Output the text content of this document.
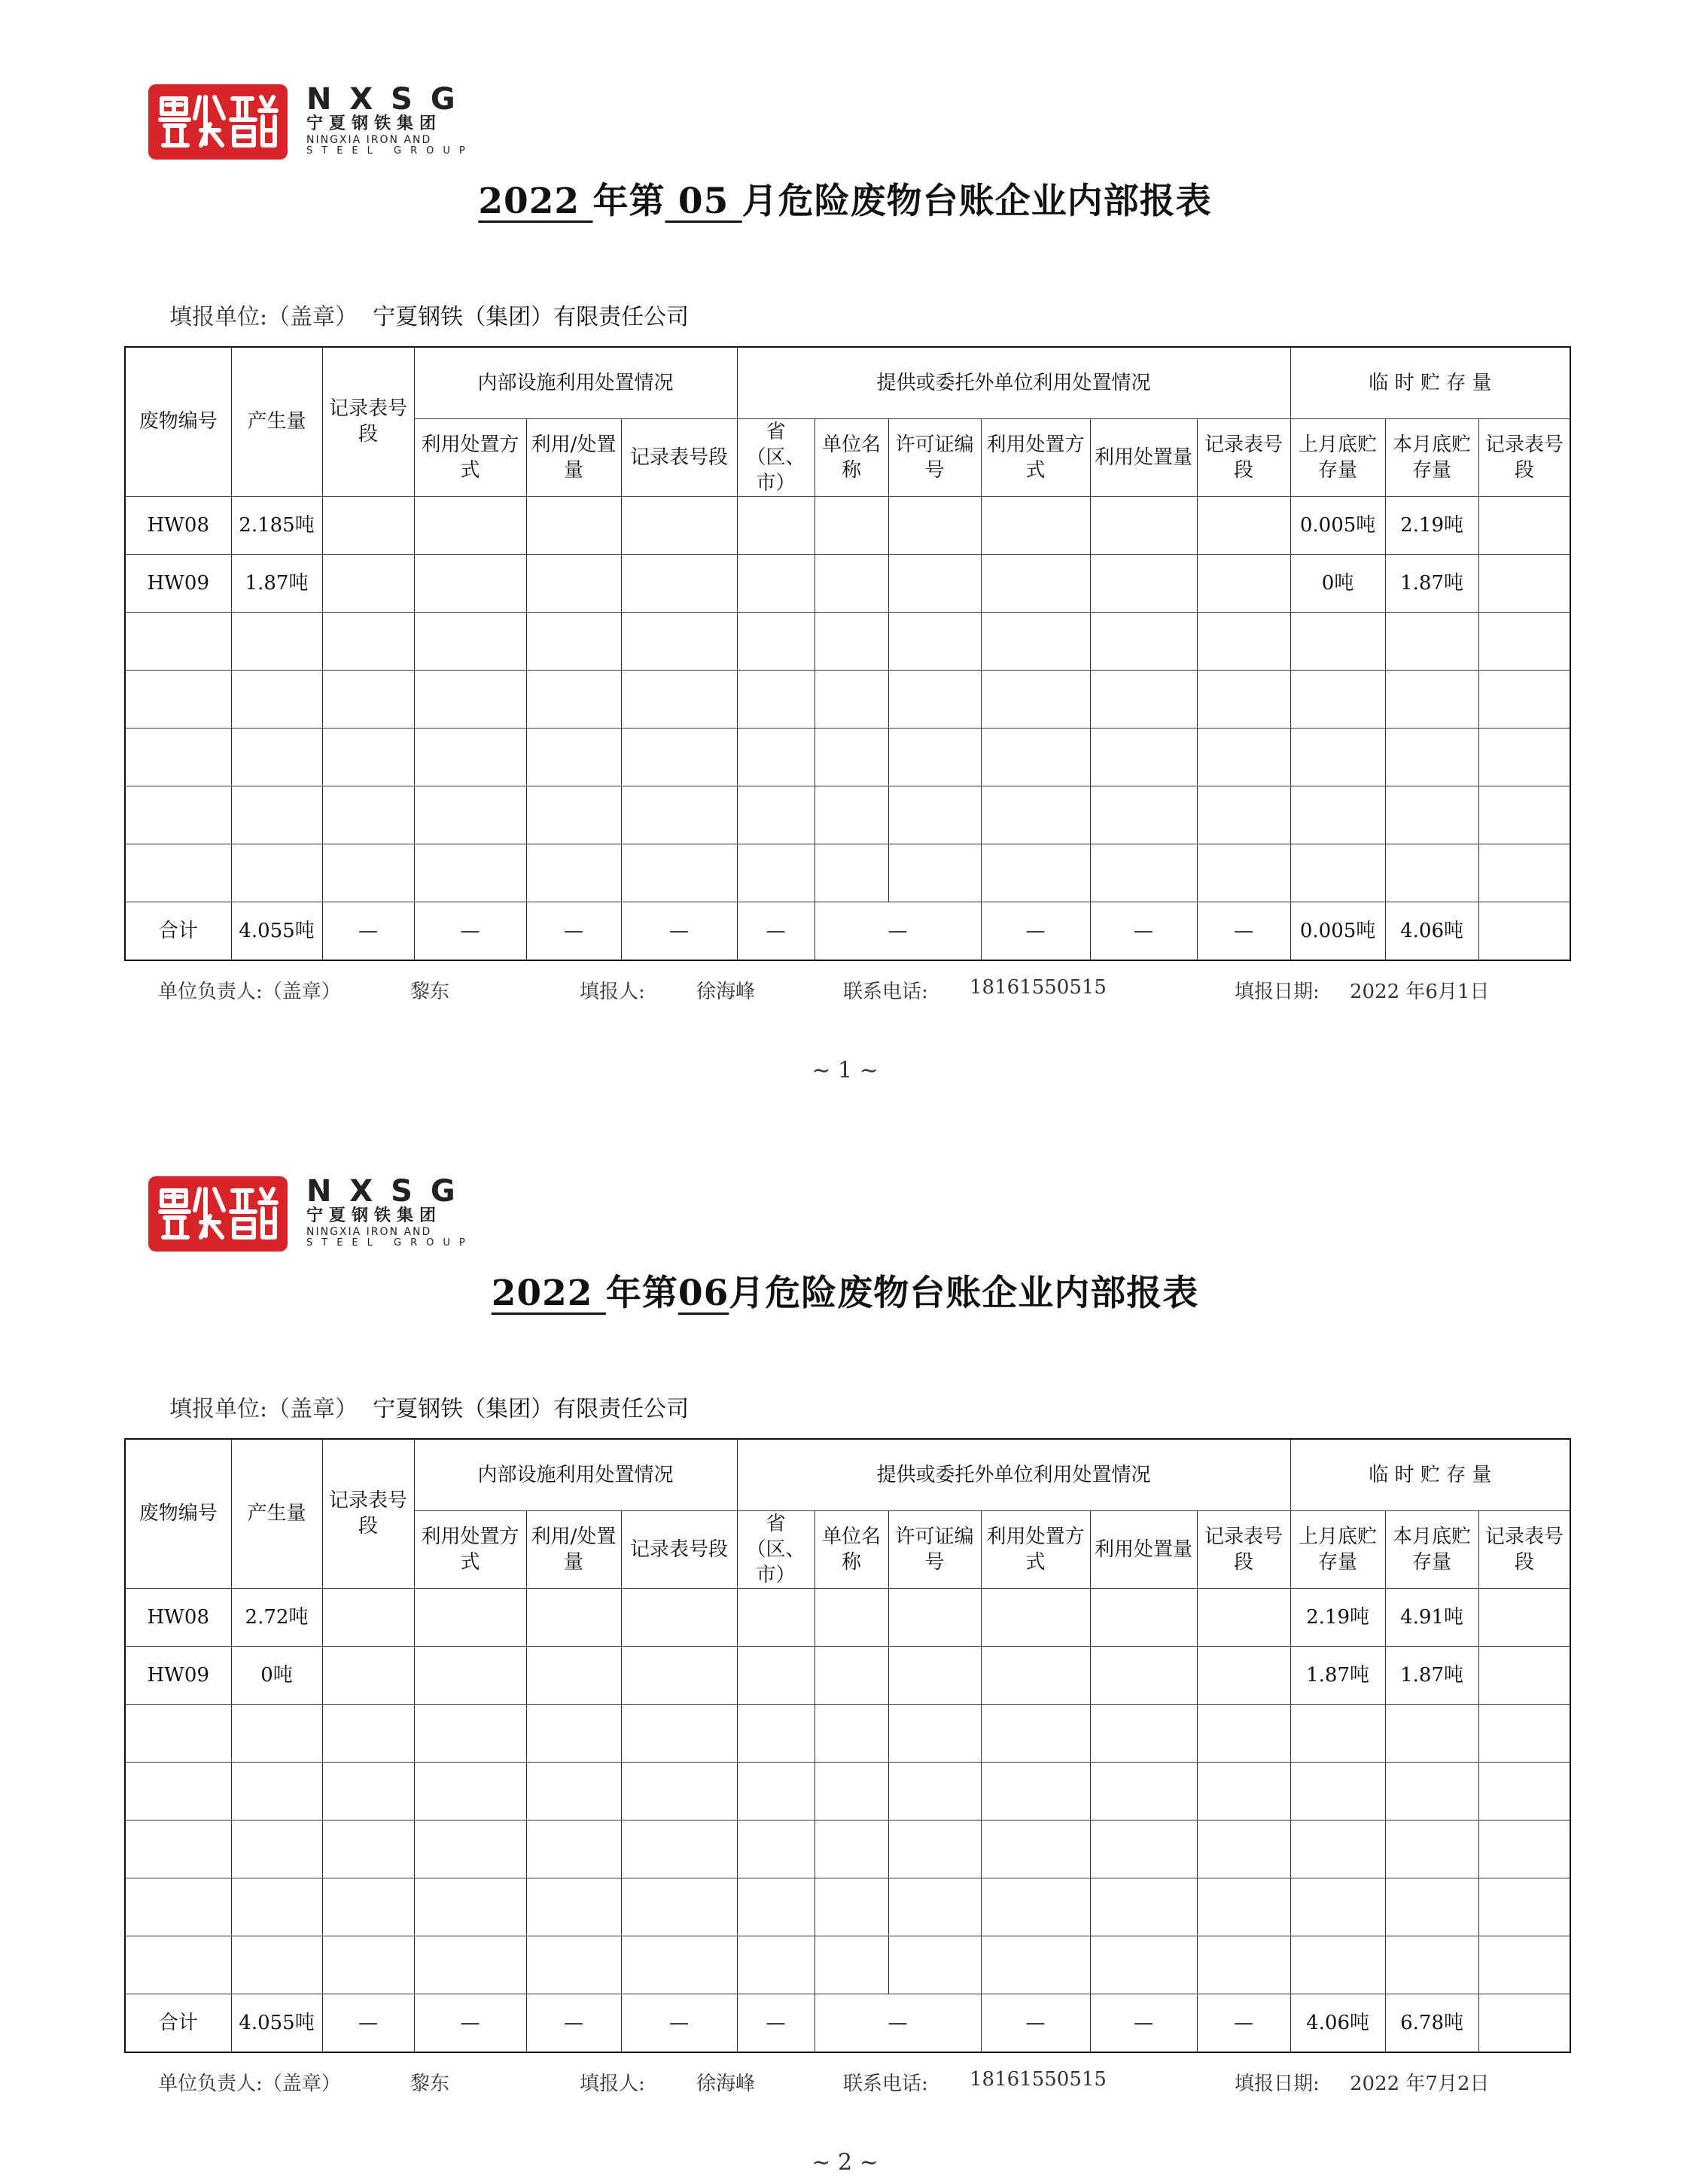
N X S G
宁夏钢铁集团
NINGXIA IRON AND
STEEL GROUP
2022 年第 05 月危险废物台账企业内部报表
填报单位:（盖章） 宁夏钢铁（集团）有限责任公司
废物编号	产生量	记录表号段	内部设施利用处置情况			提供或委托外单位利用处置情况						临 时 贮 存 量		
			利用处置方 式	利用/处置量	记录表号段	省（区、市）	单位名称	许可证编号	利用处置方 式	利用处置量	记录表号 段	上月底贮存量	本月底贮存量	记录表号段
HW08	2.185吨											0.005吨	2.19吨	
HW09	1.87吨											0吨	1.87吨	

合计	4.055吨	—	—	—	—	—	—		—	—	—	0.005吨	4.06吨	
单位负责人:（盖章）	黎东	填报人:	徐海峰	联系电话: 18161550515	填报日期: 2022 年6月1日
~ 1 ~
N X S G
宁夏钢铁集团
NINGXIA IRON AND
STEEL GROUP
2022 年第06月危险废物台账企业内部报表
填报单位:（盖章） 宁夏钢铁（集团）有限责任公司
废物编号	产生量	记录表号段	内部设施利用处置情况			提供或委托外单位利用处置情况						临 时 贮 存 量		
			利用处置方 式	利用/处置量	记录表号段	省（区、市）	单位名称	许可证编号	利用处置方 式	利用处置量	记录表号 段	上月底贮存量	本月底贮存量	记录表号段
HW08	2.72吨											2.19吨	4.91吨	
HW09	0吨											1.87吨	1.87吨	

合计	4.055吨	—	—	—	—	—	—		—	—	—	4.06吨	6.78吨	
单位负责人:（盖章）	黎东	填报人:	徐海峰	联系电话: 18161550515	填报日期: 2022 年7月2日
~ 2 ~
